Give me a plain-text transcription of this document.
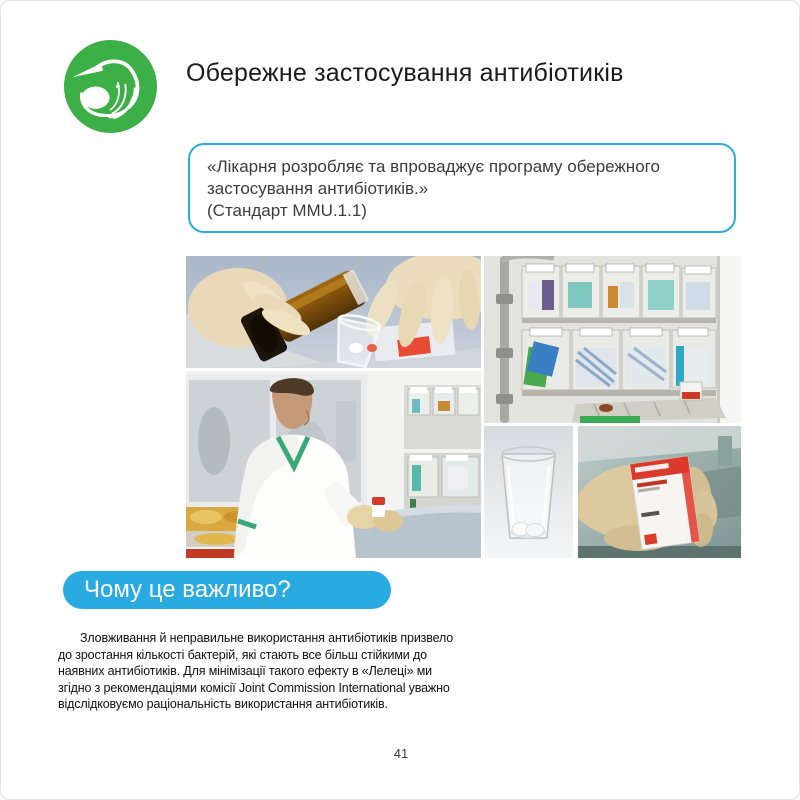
Обережне застосування антибіотиків

«Лікарня розробляє та впроваджує програму обережного застосування антибіотиків.»

(Стандарт MMU.1.1)

Чому це важливо?

Зловживання й неправильне використання антибіотиків призвело до зростання кількості бактерій, які стають все більш стійкими до наявних антибіотиків. Для мінімізації такого ефекту в «Лелеці» ми згідно з рекомендаціями комісії Joint Commission International уважно відслідковуємо раціональність використання антибіотиків.

41
